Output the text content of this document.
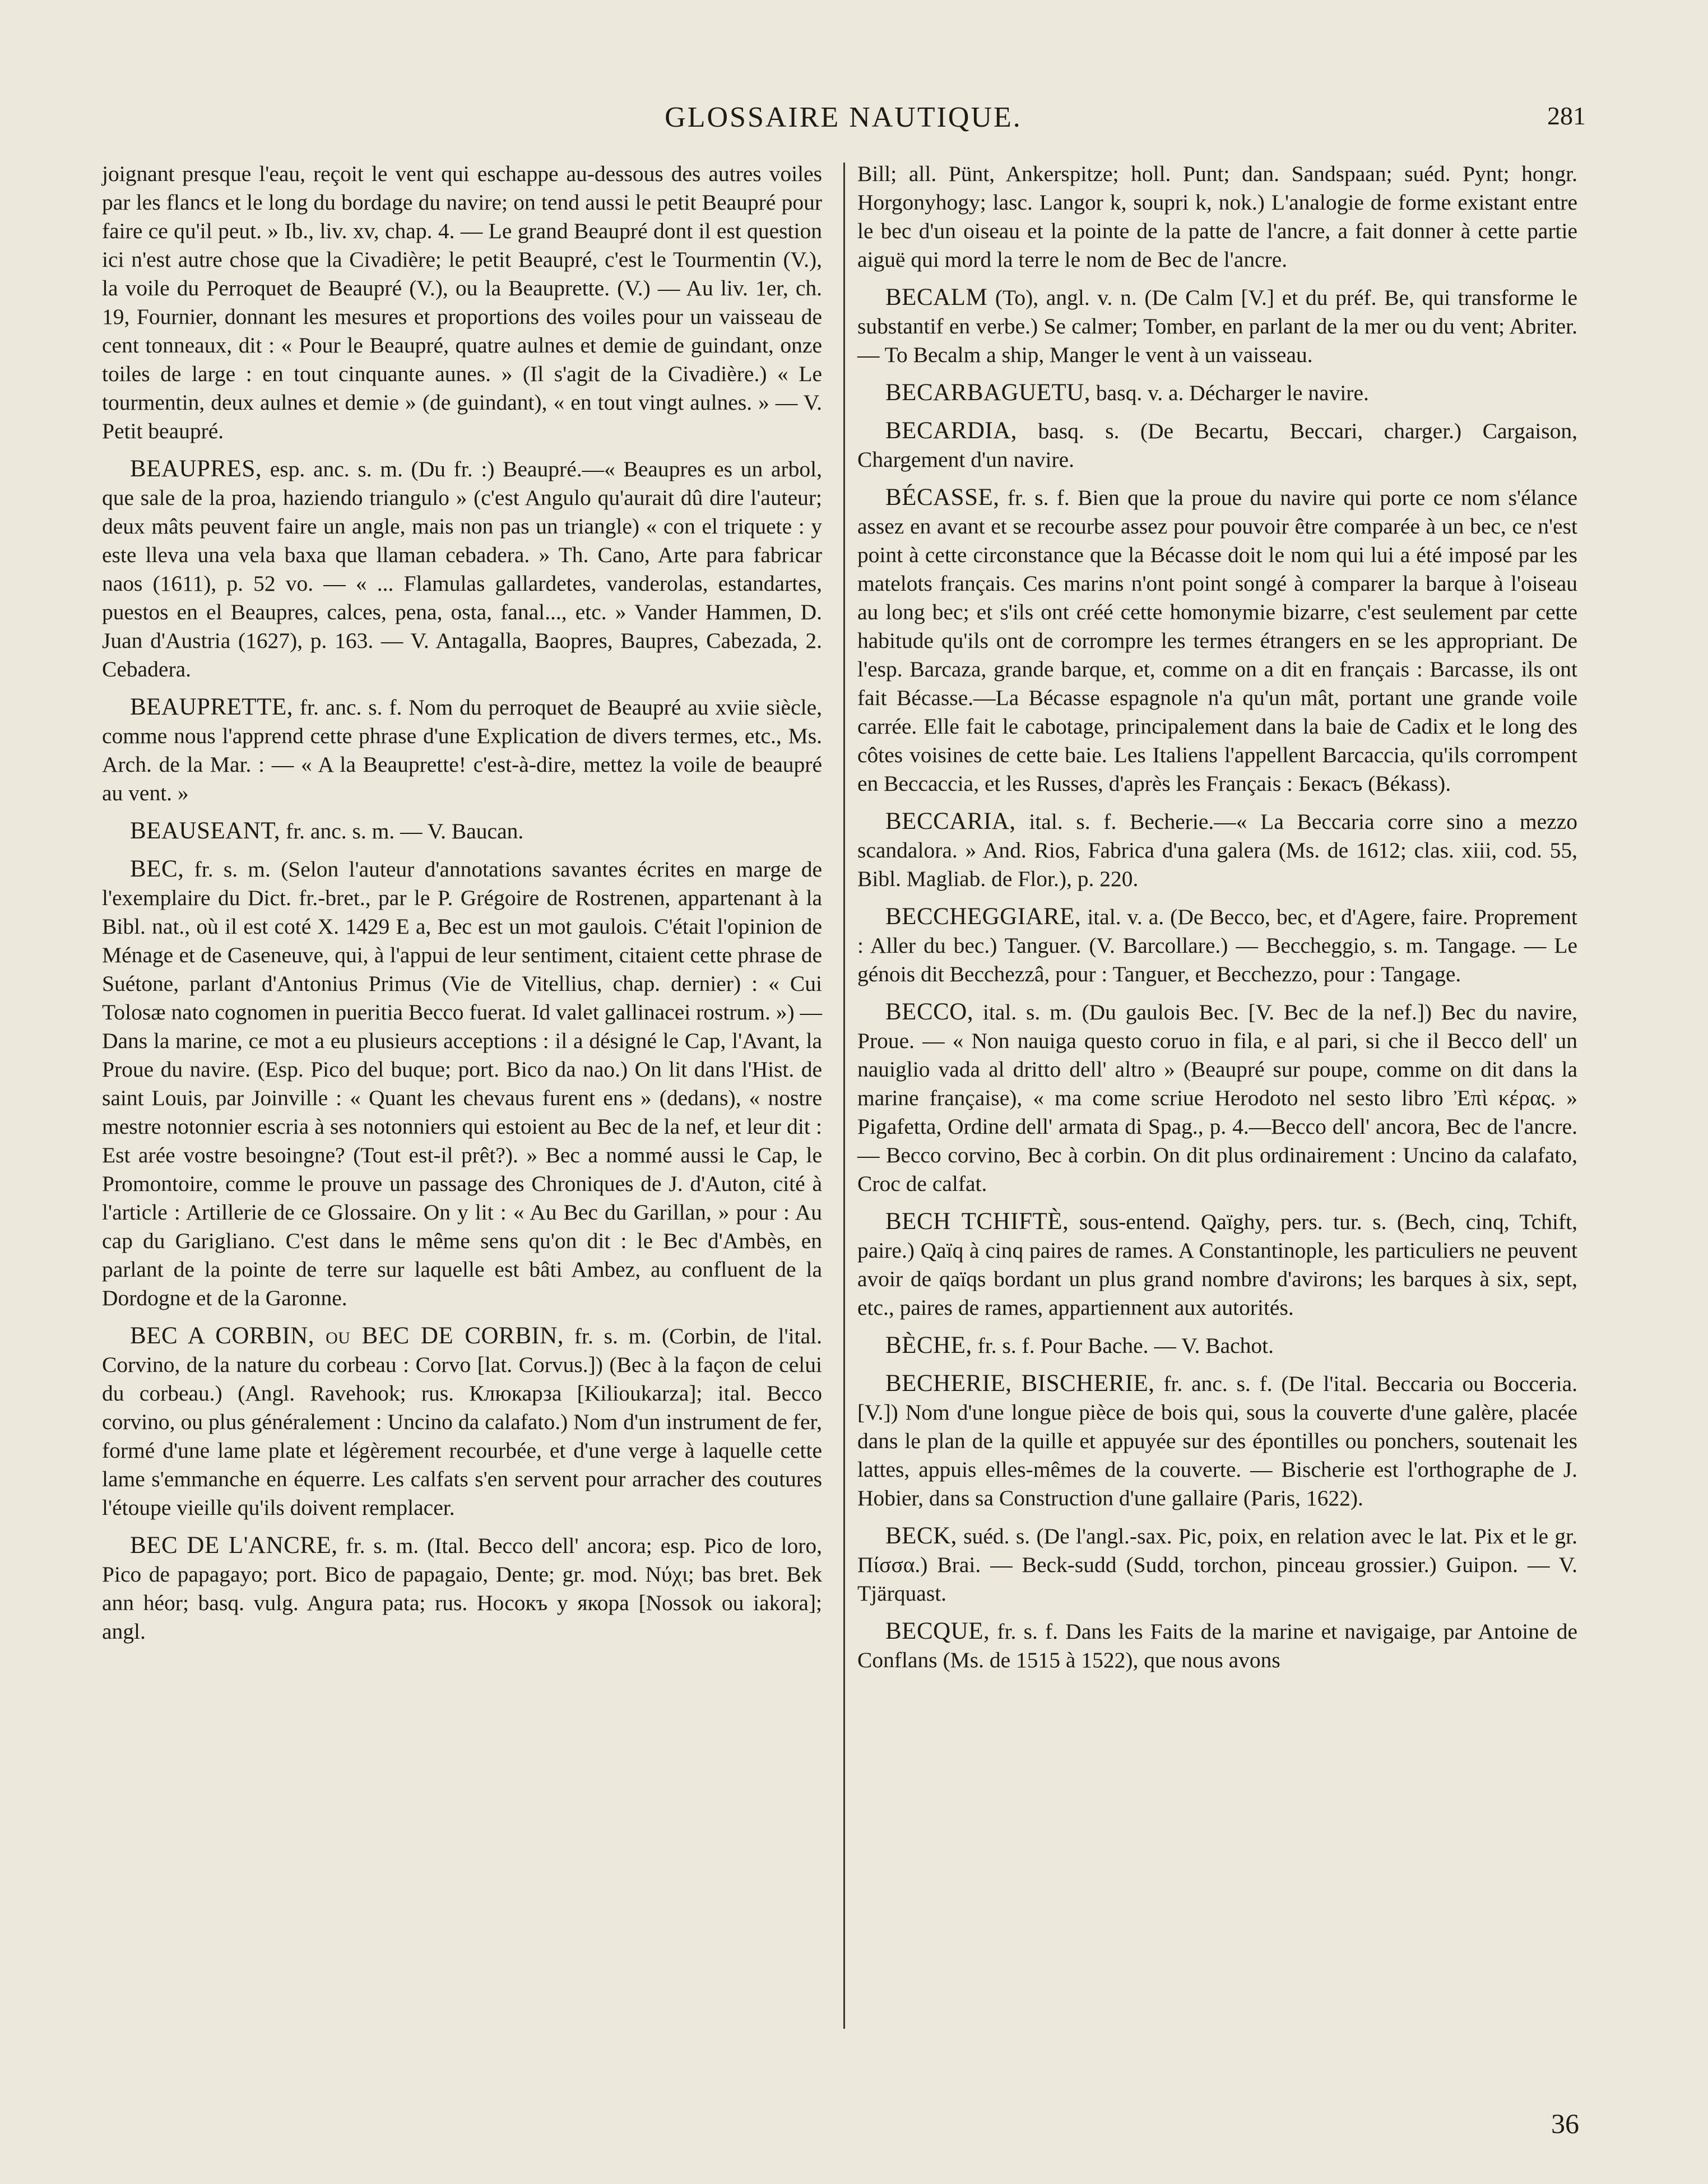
GLOSSAIRE NAUTIQUE.	281

joignant presque l'eau, reçoit le vent qui eschappe au-dessous des autres voiles par les flancs et le long du bordage du navire; on tend aussi le petit Beaupré pour faire ce qu'il peut. » Ib., liv. xv, chap. 4. — Le grand Beaupré dont il est question ici n'est autre chose que la Civadière; le petit Beaupré, c'est le Tourmentin (V.), la voile du Perroquet de Beaupré (V.), ou la Beauprette. (V.) — Au liv. 1er, ch. 19, Fournier, donnant les mesures et proportions des voiles pour un vaisseau de cent tonneaux, dit : « Pour le Beaupré, quatre aulnes et demie de guindant, onze toiles de large : en tout cinquante aunes. » (Il s'agit de la Civadière.) « Le tourmentin, deux aulnes et demie » (de guindant), « en tout vingt aulnes. » — V. Petit beaupré.

BEAUPRES, esp. anc. s. m. (Du fr. :) Beaupré.—« Beaupres es un arbol, que sale de la proa, haziendo triangulo » (c'est Angulo qu'aurait dû dire l'auteur; deux mâts peuvent faire un angle, mais non pas un triangle) « con el triquete : y este lleva una vela baxa que llaman cebadera. » Th. Cano, Arte para fabricar naos (1611), p. 52 vo. — « ... Flamulas gallardetes, vanderolas, estandartes, puestos en el Beaupres, calces, pena, osta, fanal..., etc. » Vander Hammen, D. Juan d'Austria (1627), p. 163. — V. Antagalla, Baopres, Baupres, Cabezada, 2. Cebadera.

BEAUPRETTE, fr. anc. s. f. Nom du perroquet de Beaupré au xviie siècle, comme nous l'apprend cette phrase d'une Explication de divers termes, etc., Ms. Arch. de la Mar. : — « A la Beauprette! c'est-à-dire, mettez la voile de beaupré au vent. »

BEAUSEANT, fr. anc. s. m. — V. Baucan.

BEC, fr. s. m. (Selon l'auteur d'annotations savantes écrites en marge de l'exemplaire du Dict. fr.-bret., par le P. Grégoire de Rostrenen, appartenant à la Bibl. nat., où il est coté X. 1429 E a, Bec est un mot gaulois. C'était l'opinion de Ménage et de Caseneuve, qui, à l'appui de leur sentiment, citaient cette phrase de Suétone, parlant d'Antonius Primus (Vie de Vitellius, chap. dernier) : « Cui Tolosæ nato cognomen in pueritia Becco fuerat. Id valet gallinacei rostrum. ») — Dans la marine, ce mot a eu plusieurs acceptions : il a désigné le Cap, l'Avant, la Proue du navire. (Esp. Pico del buque; port. Bico da nao.) On lit dans l'Hist. de saint Louis, par Joinville : « Quant les chevaus furent ens » (dedans), « nostre mestre notonnier escria à ses notonniers qui estoient au Bec de la nef, et leur dit : Est arée vostre besoingne? (Tout est-il prêt?). » Bec a nommé aussi le Cap, le Promontoire, comme le prouve un passage des Chroniques de J. d'Auton, cité à l'article : Artillerie de ce Glossaire. On y lit : « Au Bec du Garillan, » pour : Au cap du Garigliano. C'est dans le même sens qu'on dit : le Bec d'Ambès, en parlant de la pointe de terre sur laquelle est bâti Ambez, au confluent de la Dordogne et de la Garonne.

BEC A CORBIN, ou BEC DE CORBIN, fr. s. m. (Corbin, de l'ital. Corvino, de la nature du corbeau : Corvo [lat. Corvus.]) (Bec à la façon de celui du corbeau.) (Angl. Ravehook; rus. Клюкарза [Kilioukarza]; ital. Becco corvino, ou plus généralement : Uncino da calafato.) Nom d'un instrument de fer, formé d'une lame plate et légèrement recourbée, et d'une verge à laquelle cette lame s'emmanche en équerre. Les calfats s'en servent pour arracher des coutures l'étoupe vieille qu'ils doivent remplacer.

BEC DE L'ANCRE, fr. s. m. (Ital. Becco dell' ancora; esp. Pico de loro, Pico de papagayo; port. Bico de papagaio, Dente; gr. mod. Νύχι; bas bret. Bek ann héor; basq. vulg. Angura pata; rus. Носокъ у якора [Nossok ou iakora]; angl.

Bill; all. Pünt, Ankerspitze; holl. Punt; dan. Sandspaan; suéd. Pynt; hongr. Horgonyhogy; lasc. Langor k, soupri k, nok.) L'analogie de forme existant entre le bec d'un oiseau et la pointe de la patte de l'ancre, a fait donner à cette partie aiguë qui mord la terre le nom de Bec de l'ancre.

BECALM (To), angl. v. n. (De Calm [V.] et du préf. Be, qui transforme le substantif en verbe.) Se calmer; Tomber, en parlant de la mer ou du vent; Abriter. — To Becalm a ship, Manger le vent à un vaisseau.

BECARBAGUETU, basq. v. a. Décharger le navire.

BECARDIA, basq. s. (De Becartu, Beccari, charger.) Cargaison, Chargement d'un navire.

BÉCASSE, fr. s. f. Bien que la proue du navire qui porte ce nom s'élance assez en avant et se recourbe assez pour pouvoir être comparée à un bec, ce n'est point à cette circonstance que la Bécasse doit le nom qui lui a été imposé par les matelots français. Ces marins n'ont point songé à comparer la barque à l'oiseau au long bec; et s'ils ont créé cette homonymie bizarre, c'est seulement par cette habitude qu'ils ont de corrompre les termes étrangers en se les appropriant. De l'esp. Barcaza, grande barque, et, comme on a dit en français : Barcasse, ils ont fait Bécasse.—La Bécasse espagnole n'a qu'un mât, portant une grande voile carrée. Elle fait le cabotage, principalement dans la baie de Cadix et le long des côtes voisines de cette baie. Les Italiens l'appellent Barcaccia, qu'ils corrompent en Beccaccia, et les Russes, d'après les Français : Бекасъ (Békass).

BECCARIA, ital. s. f. Becherie.—« La Beccaria corre sino a mezzo scandalora. » And. Rios, Fabrica d'una galera (Ms. de 1612; clas. xiii, cod. 55, Bibl. Magliab. de Flor.), p. 220.

BECCHEGGIARE, ital. v. a. (De Becco, bec, et d'Agere, faire. Proprement : Aller du bec.) Tanguer. (V. Barcollare.) — Beccheggio, s. m. Tangage. — Le génois dit Becchezzâ, pour : Tanguer, et Becchezzo, pour : Tangage.

BECCO, ital. s. m. (Du gaulois Bec. [V. Bec de la nef.]) Bec du navire, Proue. — « Non nauiga questo coruo in fila, e al pari, si che il Becco dell' un nauiglio vada al dritto dell' altro » (Beaupré sur poupe, comme on dit dans la marine française), « ma come scriue Herodoto nel sesto libro Ἐπὶ κέρας. » Pigafetta, Ordine dell' armata di Spag., p. 4.—Becco dell' ancora, Bec de l'ancre. — Becco corvino, Bec à corbin. On dit plus ordinairement : Uncino da calafato, Croc de calfat.

BECH TCHIFTÈ, sous-entend. Qaïghy, pers. tur. s. (Bech, cinq, Tchift, paire.) Qaïq à cinq paires de rames. A Constantinople, les particuliers ne peuvent avoir de qaïqs bordant un plus grand nombre d'avirons; les barques à six, sept, etc., paires de rames, appartiennent aux autorités.

BÈCHE, fr. s. f. Pour Bache. — V. Bachot.

BECHERIE, BISCHERIE, fr. anc. s. f. (De l'ital. Beccaria ou Bocceria. [V.]) Nom d'une longue pièce de bois qui, sous la couverte d'une galère, placée dans le plan de la quille et appuyée sur des épontilles ou ponchers, soutenait les lattes, appuis elles-mêmes de la couverte. — Bischerie est l'orthographe de J. Hobier, dans sa Construction d'une gallaire (Paris, 1622).

BECK, suéd. s. (De l'angl.-sax. Pic, poix, en relation avec le lat. Pix et le gr. Πίσσα.) Brai. — Beck-sudd (Sudd, torchon, pinceau grossier.) Guipon. — V. Tjärquast.

BECQUE, fr. s. f. Dans les Faits de la marine et navigaige, par Antoine de Conflans (Ms. de 1515 à 1522), que nous avons

36
